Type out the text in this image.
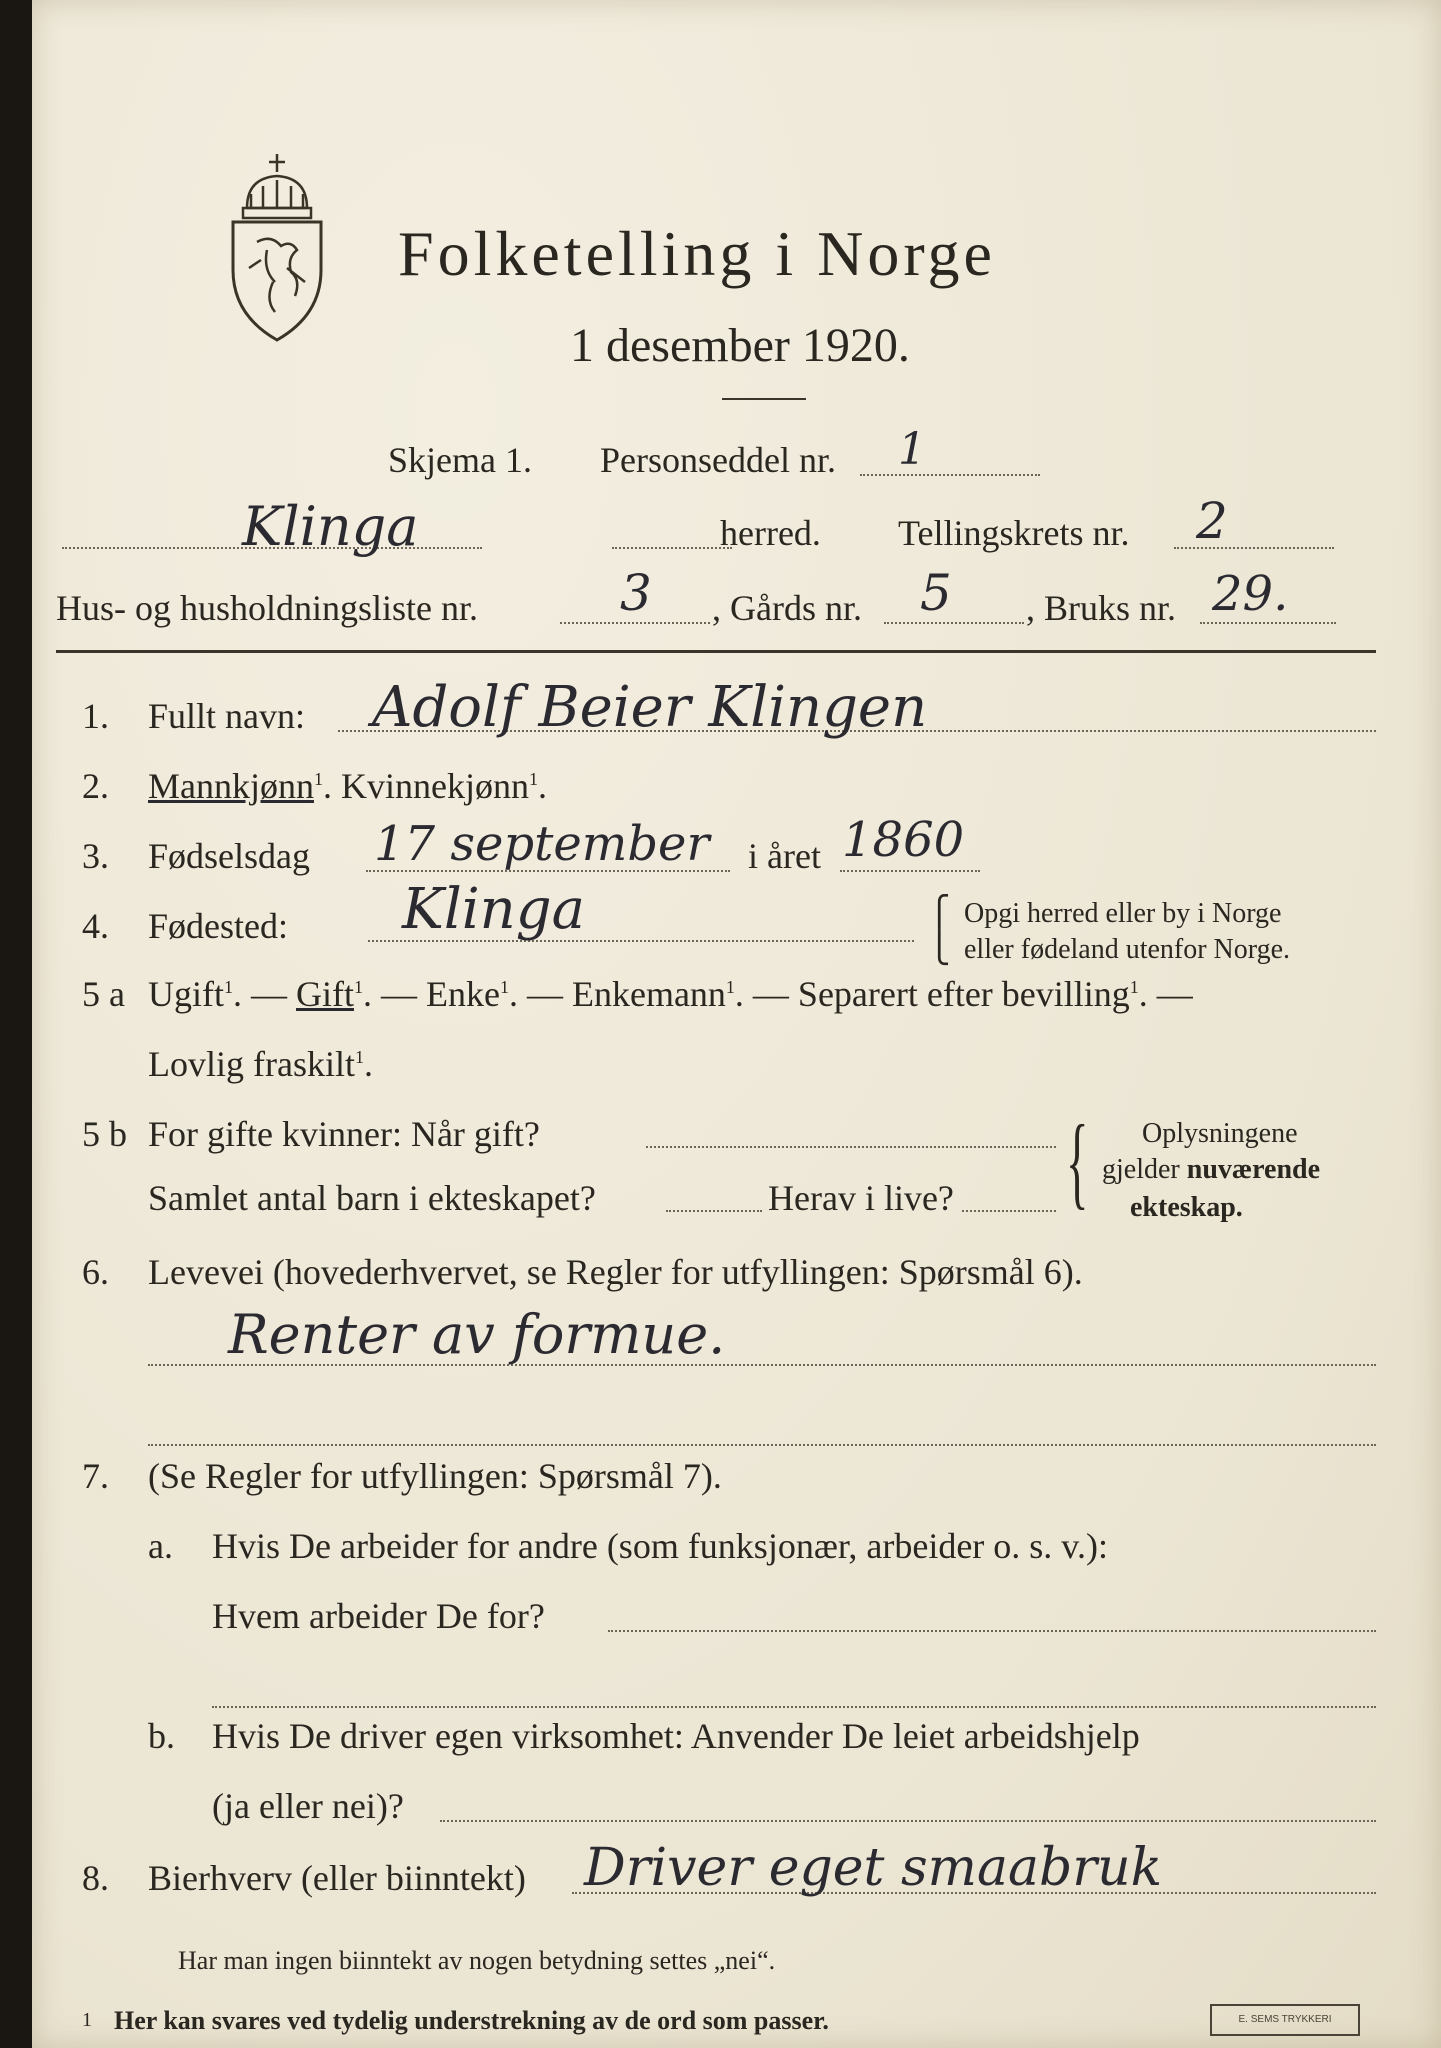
Folketelling i Norge
1 desember 1920.
Skjema 1. Personseddel nr. 1
Klinga	herred. Tellingskrets nr. 2
Hus- og husholdningsliste nr.	3 , Gårds nr. 5 , Bruks nr. 29.
1. Fullt navn: Adolf Beier Klingen
2. Mannkjønn$^1$. Kvinnekjønn$^1$.
3. Fødselsdag 17 september i året 1860
4. Fødested: Klinga	⎧
⎩
Opgi herred eller by i Norge
eller fødeland utenfor Norge.
5 a Ugift$^1$. — Gift$^1$. — Enke$^1$. — Enkemann$^1$. — Separert efter bevilling$^1$. —
Lovlig fraskilt$^1$.
5 b For gifte kvinner: Når gift?
Samlet antal barn i ekteskapet?	Herav i live? { Oplysningene
gjelder nuværende
ekteskap.
6. Levevei (hovederhvervet, se Regler for utfyllingen: Spørsmål 6).
Renter av formue.
7. (Se Regler for utfyllingen: Spørsmål 7).
a. Hvis De arbeider for andre (som funksjonær, arbeider o. s. v.):
Hvem arbeider De for?
b. Hvis De driver egen virksomhet: Anvender De leiet arbeidshjelp
(ja eller nei)?
8. Bierhverv (eller biinntekt) Driver eget smaabruk
Har man ingen biinntekt av nogen betydning settes „nei“.
1 Her kan svares ved tydelig understrekning av de ord som passer.	E. SEMS TRYKKERI
